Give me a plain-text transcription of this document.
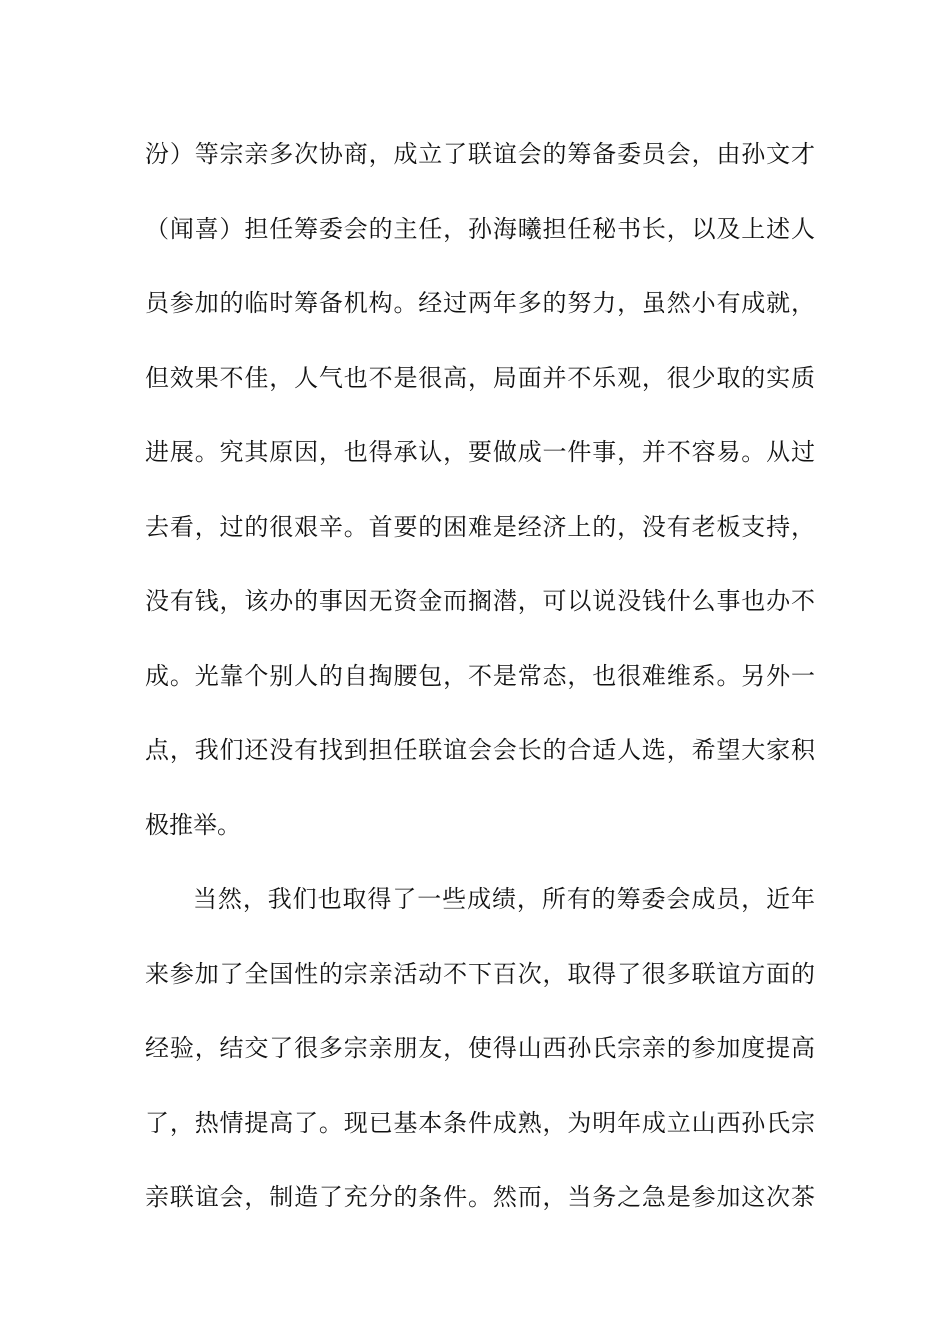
汾）等宗亲多次协商，成立了联谊会的筹备委员会，由孙文才
（闻喜）担任筹委会的主任，孙海曦担任秘书长，以及上述人
员参加的临时筹备机构。经过两年多的努力，虽然小有成就，
但效果不佳，人气也不是很高，局面并不乐观，很少取的实质
进展。究其原因，也得承认，要做成一件事，并不容易。从过
去看，过的很艰辛。首要的困难是经济上的，没有老板支持，
没有钱，该办的事因无资金而搁潜，可以说没钱什么事也办不
成。光靠个别人的自掏腰包，不是常态，也很难维系。另外一
点，我们还没有找到担任联谊会会长的合适人选，希望大家积
极推举。
当然，我们也取得了一些成绩，所有的筹委会成员，近年
来参加了全国性的宗亲活动不下百次，取得了很多联谊方面的
经验，结交了很多宗亲朋友，使得山西孙氏宗亲的参加度提高
了，热情提高了。现已基本条件成熟，为明年成立山西孙氏宗
亲联谊会，制造了充分的条件。然而，当务之急是参加这次茶
